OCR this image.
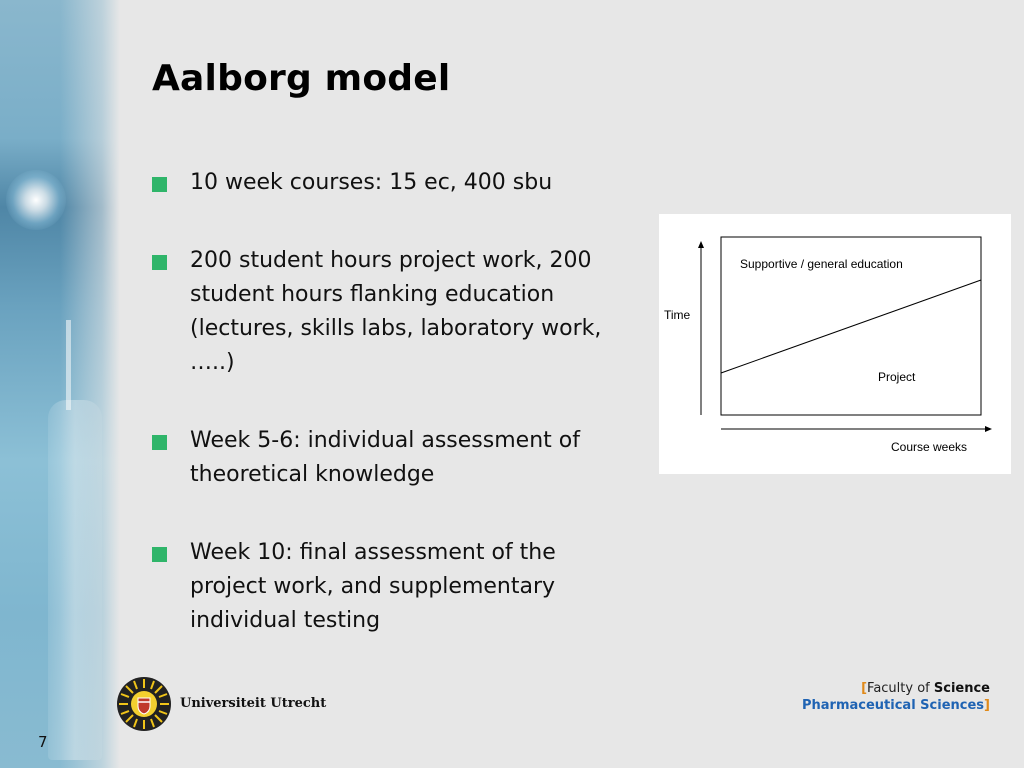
Aalborg model
10 week courses: 15 ec, 400 sbu
200 student hours project work, 200 student hours flanking education (lectures, skills labs, laboratory work, …..)
Week 5-6: individual assessment of theoretical knowledge
Week 10: final assessment of the project work, and supplementary individual testing
Supportive / general education
Time
Project
Course weeks
Universiteit Utrecht
[Faculty of Science
Pharmaceutical Sciences]
7
